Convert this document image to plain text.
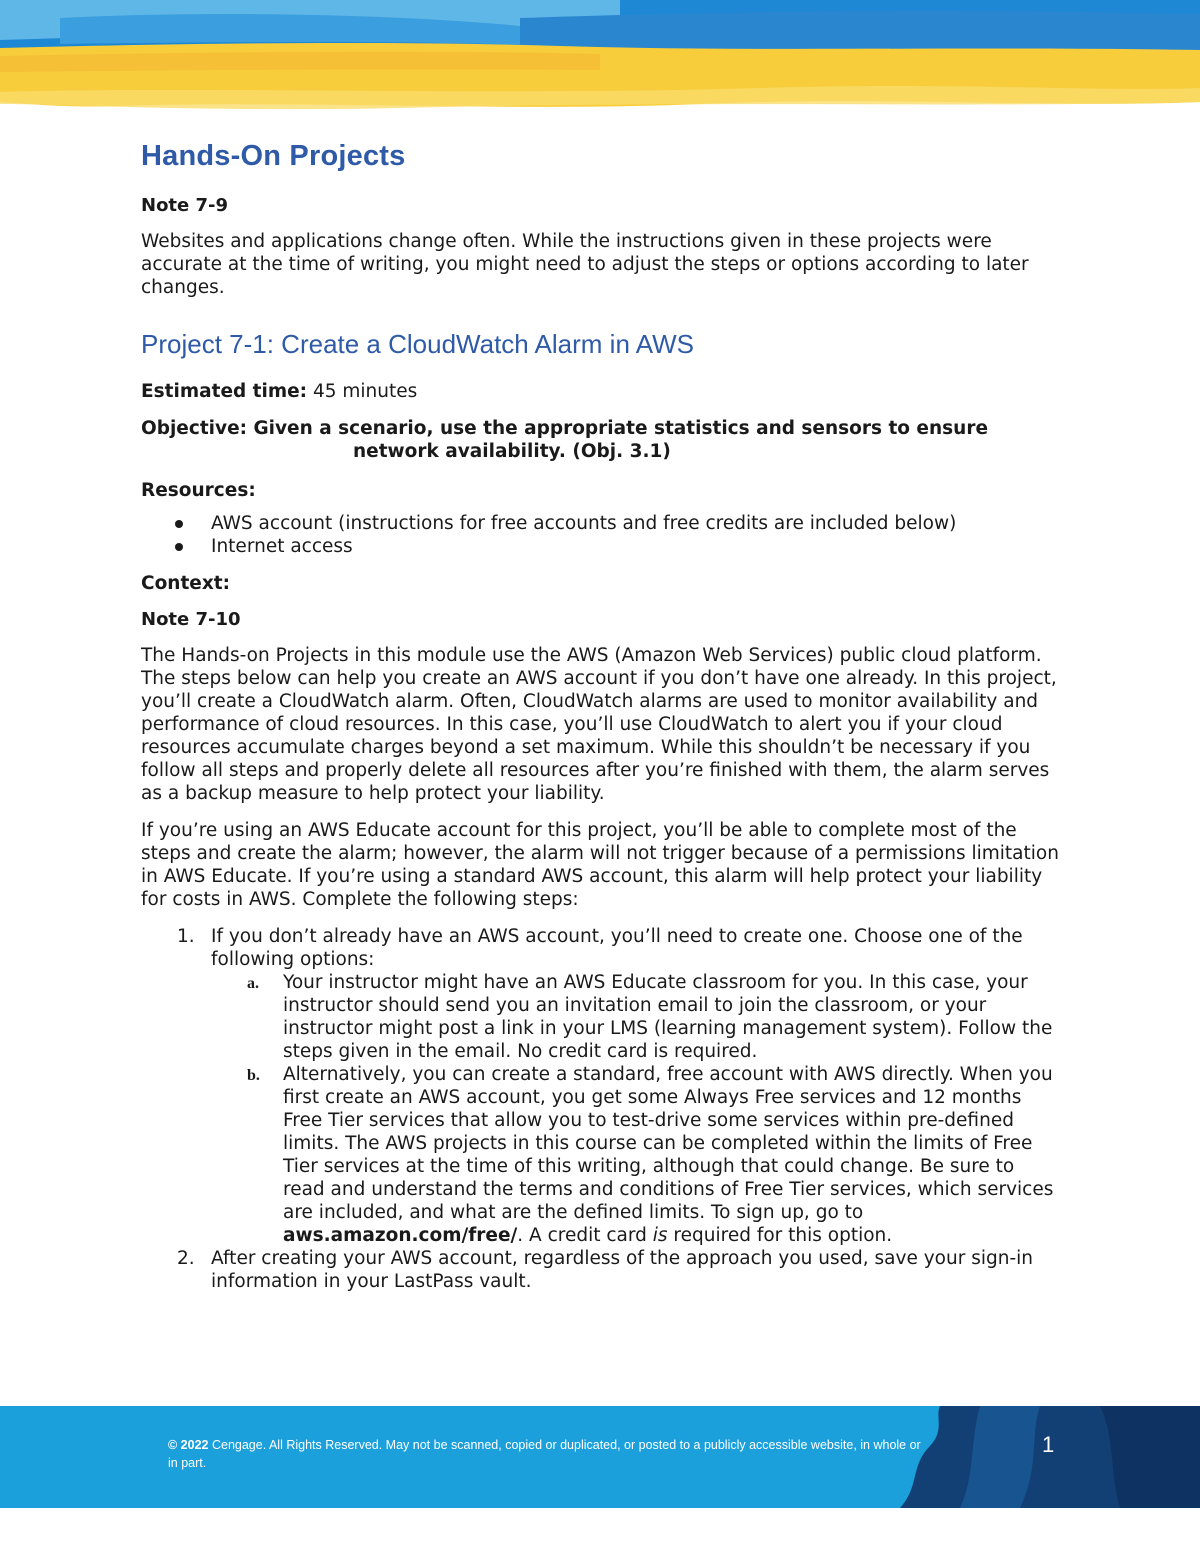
Hands-On Projects
Note 7-9

Websites and applications change often. While the instructions given in these projects were accurate at the time of writing, you might need to adjust the steps or options according to later changes.

Project 7-1: Create a CloudWatch Alarm in AWS

Estimated time: 45 minutes

Objective: Given a scenario, use the appropriate statistics and sensors to ensure
network availability. (Obj. 3.1)

Resources:

AWS account (instructions for free accounts and free credits are included below)
Internet access

Context:

Note 7-10

The Hands-on Projects in this module use the AWS (Amazon Web Services) public cloud platform. The steps below can help you create an AWS account if you don’t have one already. In this project, you’ll create a CloudWatch alarm. Often, CloudWatch alarms are used to monitor availability and performance of cloud resources. In this case, you’ll use CloudWatch to alert you if your cloud resources accumulate charges beyond a set maximum. While this shouldn’t be necessary if you follow all steps and properly delete all resources after you’re finished with them, the alarm serves as a backup measure to help protect your liability.

If you’re using an AWS Educate account for this project, you’ll be able to complete most of the steps and create the alarm; however, the alarm will not trigger because of a permissions limitation in AWS Educate. If you’re using a standard AWS account, this alarm will help protect your liability for costs in AWS. Complete the following steps:

1. If you don’t already have an AWS account, you’ll need to create one. Choose one of the following options:
a. Your instructor might have an AWS Educate classroom for you. In this case, your instructor should send you an invitation email to join the classroom, or your instructor might post a link in your LMS (learning management system). Follow the steps given in the email. No credit card is required.
b. Alternatively, you can create a standard, free account with AWS directly. When you first create an AWS account, you get some Always Free services and 12 months Free Tier services that allow you to test-drive some services within pre-defined limits. The AWS projects in this course can be completed within the limits of Free Tier services at the time of this writing, although that could change. Be sure to read and understand the terms and conditions of Free Tier services, which services are included, and what are the defined limits. To sign up, go to aws.amazon.com/free/. A credit card is required for this option.
2. After creating your AWS account, regardless of the approach you used, save your sign-in information in your LastPass vault.
© 2022 Cengage. All Rights Reserved. May not be scanned, copied or duplicated, or posted to a publicly accessible website, in whole or in part.
1
